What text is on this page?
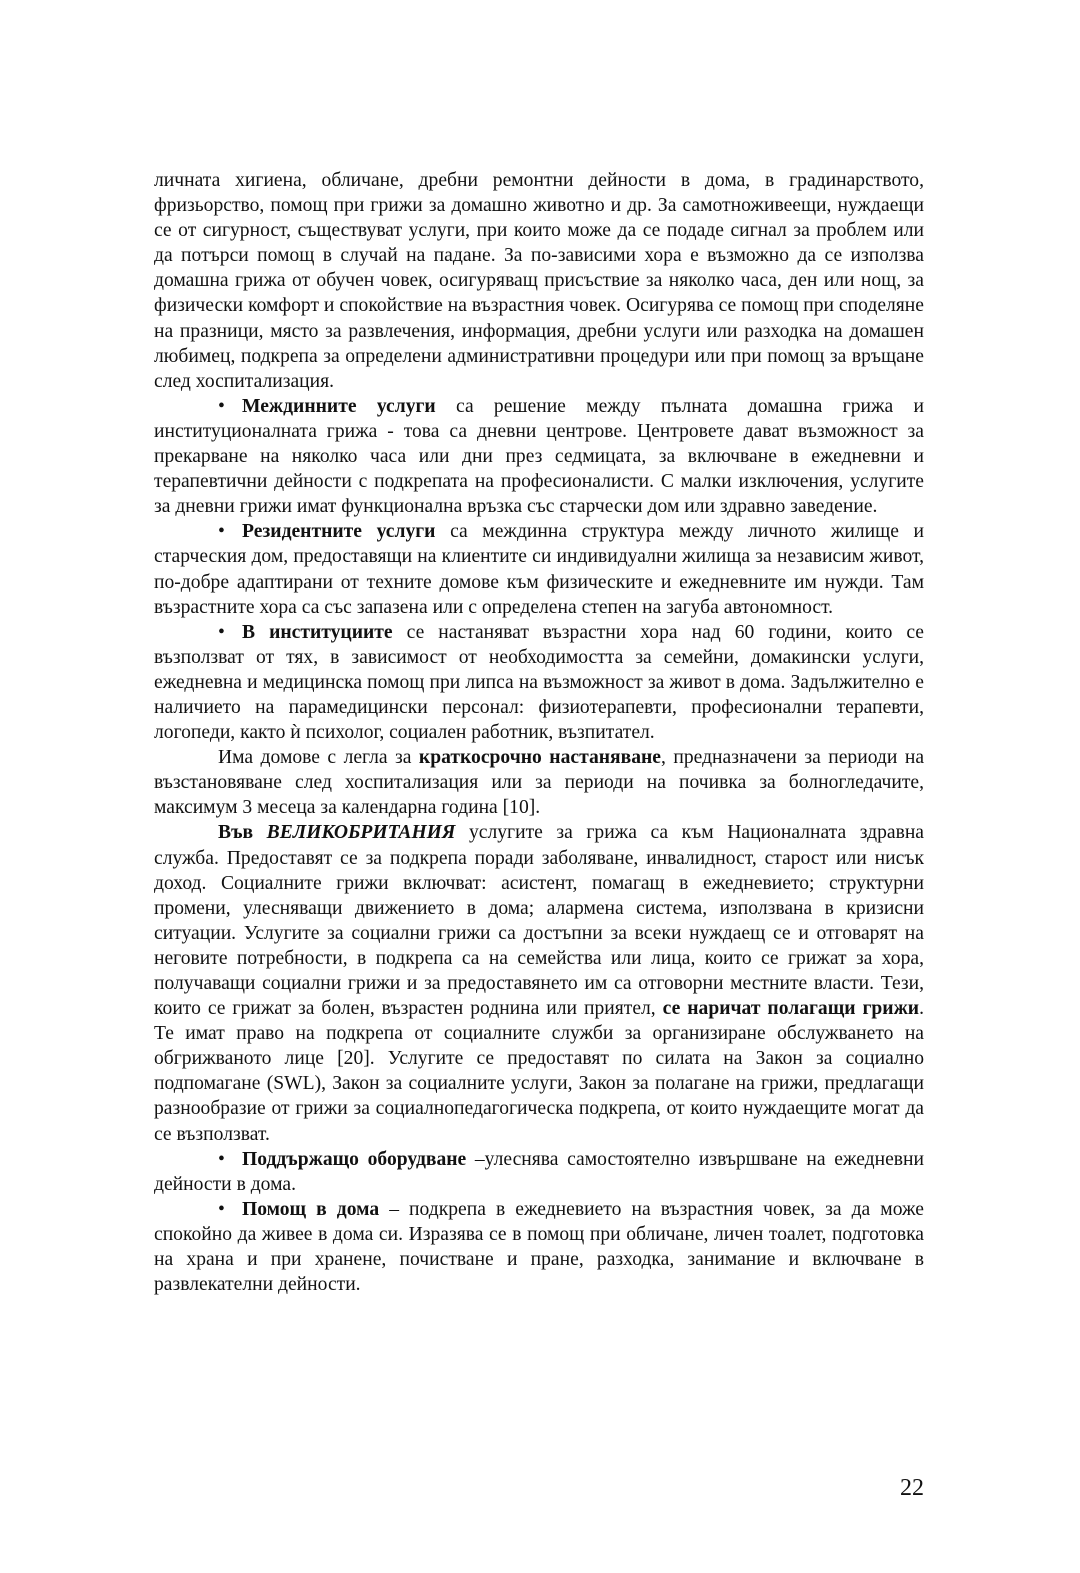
личната хигиена, обличане, дребни ремонтни дейности в дома, в градинарството, фризьорство, помощ при грижи за домашно животно и др. За самотноживеещи, нуждаещи се от сигурност, съществуват услуги, при които може да се подаде сигнал за проблем или да потърси помощ в случай на падане. За по-зависими хора е възможно да се използва домашна грижа от обучен човек, осигуряващ присъствие за няколко часа, ден или нощ, за физически комфорт и спокойствие на възрастния човек. Осигурява се помощ при споделяне на празници, място за развлечения, информация, дребни услуги или разходка на домашен любимец, подкрепа за определени административни процедури или при помощ за връщане след хоспитализация.

• Междинните услуги са решение между пълната домашна грижа и институционалната грижа - това са дневни центрове. Центровете дават възможност за прекарване на няколко часа или дни през седмицата, за включване в ежедневни и терапевтични дейности с подкрепата на професионалисти. С малки изключения, услугите за дневни грижи имат функционална връзка със старчески дом или здравно заведение.

• Резидентните услуги са междинна структура между личното жилище и старческия дом, предоставящи на клиентите си индивидуални жилища за независим живот, по-добре адаптирани от техните домове към физическите и ежедневните им нужди. Там възрастните хора са със запазена или с определена степен на загуба автономност.

• В институциите се настаняват възрастни хора над 60 години, които се възползват от тях, в зависимост от необходимостта за семейни, домакински услуги, ежедневна и медицинска помощ при липса на възможност за живот в дома. Задължително е наличието на парамедицински персонал: физиотерапевти, професионални терапевти, логопеди, както ѝ психолог, социален работник, възпитател.

Има домове с легла за краткосрочно настаняване, предназначени за периоди на възстановяване след хоспитализация или за периоди на почивка за болногледачите, максимум 3 месеца за календарна година [10].

Във ВЕЛИКОБРИТАНИЯ услугите за грижа са към Националната здравна служба. Предоставят се за подкрепа поради заболяване, инвалидност, старост или нисък доход. Социалните грижи включват: асистент, помагащ в ежедневието; структурни промени, улесняващи движението в дома; алармена система, използвана в кризисни ситуации. Услугите за социални грижи са достъпни за всеки нуждаещ се и отговарят на неговите потребности, в подкрепа са на семейства или лица, които се грижат за хора, получаващи социални грижи и за предоставянето им са отговорни местните власти. Тези, които се грижат за болен, възрастен роднина или приятел, се наричат полагащи грижи. Те имат право на подкрепа от социалните служби за организиране обслужването на обгрижваното лице [20]. Услугите се предоставят по силата на Закон за социално подпомагане (SWL), Закон за социалните услуги, Закон за полагане на грижи, предлагащи разнообразие от грижи за социалнопедагогическа подкрепа, от които нуждаещите могат да се възползват.

• Поддържащо оборудване –улеснява самостоятелно извършване на ежедневни дейности в дома.

• Помощ в дома – подкрепа в ежедневието на възрастния човек, за да може спокойно да живее в дома си. Изразява се в помощ при обличане, личен тоалет, подготовка на храна и при хранене, почистване и пране, разходка, занимание и включване в развлекателни дейности.

22
